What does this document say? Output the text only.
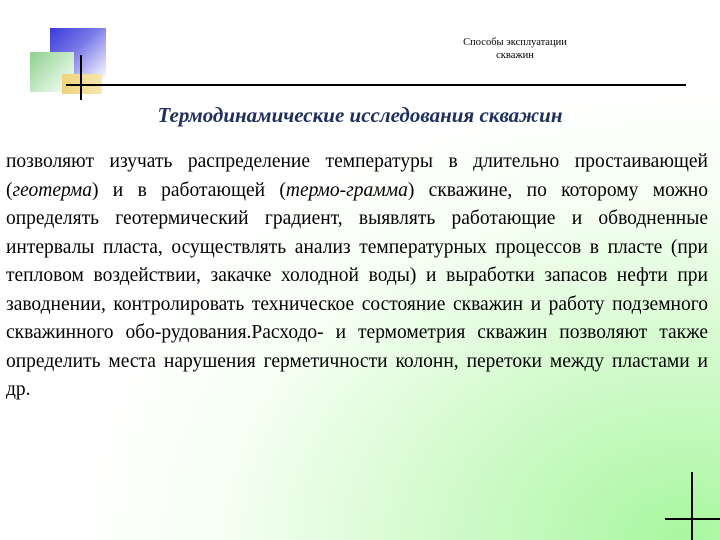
Способы эксплуатации
скважин
Термодинамические исследования скважин
позволяют изучать распределение температуры в длительно простаивающей (геотерма) и в работающей (термо-грамма) скважине, по которому можно определять геотермический градиент, выявлять работающие и обводненные интервалы пласта, осуществлять анализ температурных процессов в пласте (при тепловом воздействии, закачке холодной воды) и выработки запасов нефти при заводнении, контролировать техническое состояние скважин и работу подземного скважинного обо-рудования.Расходо- и термометрия скважин позволяют также определить места нарушения герметичности колонн, перетоки между пластами и др.
